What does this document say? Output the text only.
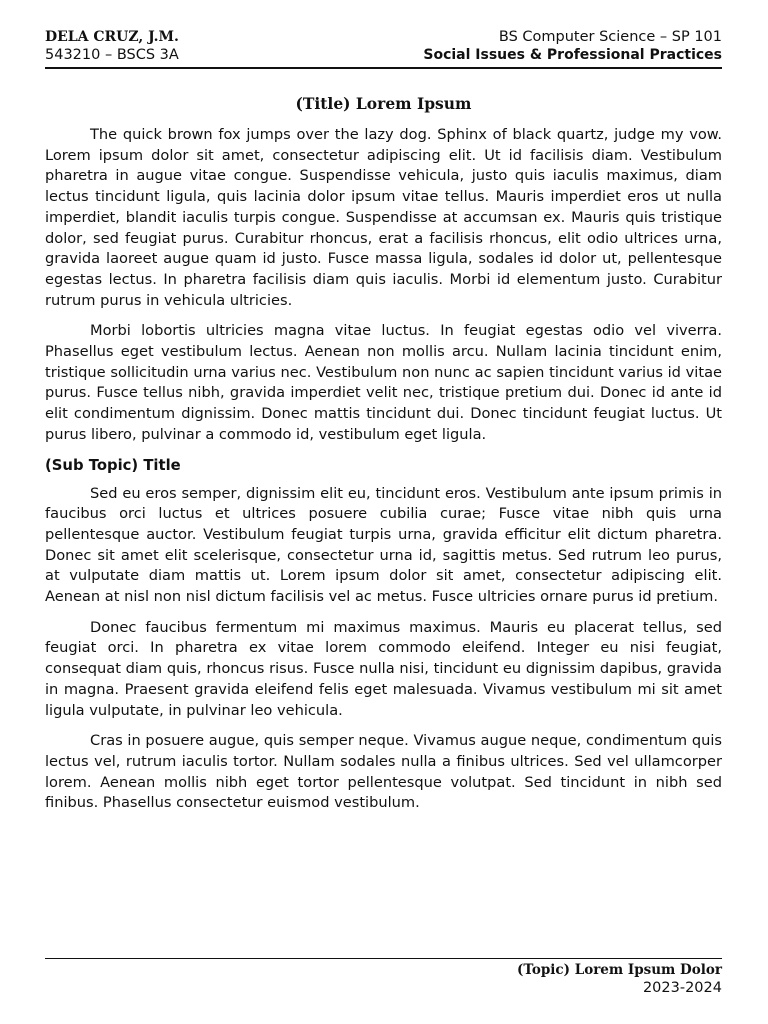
DELA CRUZ, J.M.
543210 – BSCS 3A
BS Computer Science – SP 101
Social Issues & Professional Practices
(Title) Lorem Ipsum

The quick brown fox jumps over the lazy dog. Sphinx of black quartz, judge my vow. Lorem ipsum dolor sit amet, consectetur adipiscing elit. Ut id facilisis diam. Vestibulum pharetra in augue vitae congue. Suspendisse vehicula, justo quis iaculis maximus, diam lectus tincidunt ligula, quis lacinia dolor ipsum vitae tellus. Mauris imperdiet eros ut nulla imperdiet, blandit iaculis turpis congue. Suspendisse at accumsan ex. Mauris quis tristique dolor, sed feugiat purus. Curabitur rhoncus, erat a facilisis rhoncus, elit odio ultrices urna, gravida laoreet augue quam id justo. Fusce massa ligula, sodales id dolor ut, pellentesque egestas lectus. In pharetra facilisis diam quis iaculis. Morbi id elementum justo. Curabitur rutrum purus in vehicula ultricies.

Morbi lobortis ultricies magna vitae luctus. In feugiat egestas odio vel viverra. Phasellus eget vestibulum lectus. Aenean non mollis arcu. Nullam lacinia tincidunt enim, tristique sollicitudin urna varius nec. Vestibulum non nunc ac sapien tincidunt varius id vitae purus. Fusce tellus nibh, gravida imperdiet velit nec, tristique pretium dui. Donec id ante id elit condimentum dignissim. Donec mattis tincidunt dui. Donec tincidunt feugiat luctus. Ut purus libero, pulvinar a commodo id, vestibulum eget ligula.

(Sub Topic) Title

Sed eu eros semper, dignissim elit eu, tincidunt eros. Vestibulum ante ipsum primis in faucibus orci luctus et ultrices posuere cubilia curae; Fusce vitae nibh quis urna pellentesque auctor. Vestibulum feugiat turpis urna, gravida efficitur elit dictum pharetra. Donec sit amet elit scelerisque, consectetur urna id, sagittis metus. Sed rutrum leo purus, at vulputate diam mattis ut. Lorem ipsum dolor sit amet, consectetur adipiscing elit. Aenean at nisl non nisl dictum facilisis vel ac metus. Fusce ultricies ornare purus id pretium.

Donec faucibus fermentum mi maximus maximus. Mauris eu placerat tellus, sed feugiat orci. In pharetra ex vitae lorem commodo eleifend. Integer eu nisi feugiat, consequat diam quis, rhoncus risus. Fusce nulla nisi, tincidunt eu dignissim dapibus, gravida in magna. Praesent gravida eleifend felis eget malesuada. Vivamus vestibulum mi sit amet ligula vulputate, in pulvinar leo vehicula.

Cras in posuere augue, quis semper neque. Vivamus augue neque, condimentum quis lectus vel, rutrum iaculis tortor. Nullam sodales nulla a finibus ultrices. Sed vel ullamcorper lorem. Aenean mollis nibh eget tortor pellentesque volutpat. Sed tincidunt in nibh sed finibus. Phasellus consectetur euismod vestibulum.

(Topic) Lorem Ipsum Dolor
2023-2024
